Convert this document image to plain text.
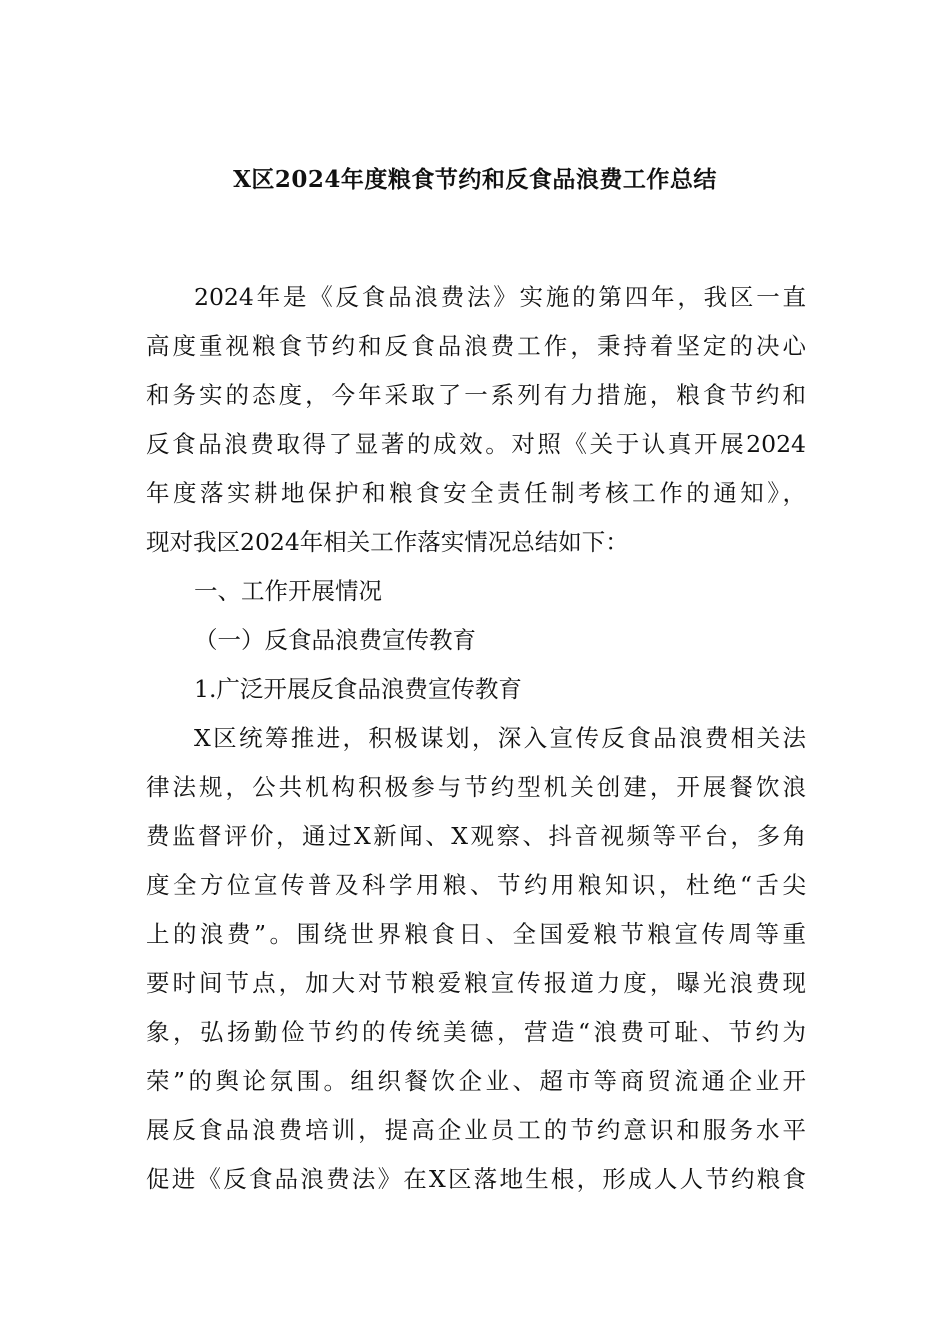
X区2024年度粮食节约和反食品浪费工作总结
2024年是《反食品浪费法》实施的第四年，我区一直
高度重视粮食节约和反食品浪费工作，秉持着坚定的决心
和务实的态度，今年采取了一系列有力措施，粮食节约和
反食品浪费取得了显著的成效。对照《关于认真开展2024
年度落实耕地保护和粮食安全责任制考核工作的通知》，
现对我区2024年相关工作落实情况总结如下：
一、工作开展情况
（一）反食品浪费宣传教育
1.广泛开展反食品浪费宣传教育
X区统筹推进，积极谋划，深入宣传反食品浪费相关法
律法规，公共机构积极参与节约型机关创建，开展餐饮浪
费监督评价，通过X新闻、X观察、抖音视频等平台，多角
度全方位宣传普及科学用粮、节约用粮知识，杜绝“舌尖
上的浪费”。围绕世界粮食日、全国爱粮节粮宣传周等重
要时间节点，加大对节粮爱粮宣传报道力度，曝光浪费现
象，弘扬勤俭节约的传统美德，营造“浪费可耻、节约为
荣”的舆论氛围。组织餐饮企业、超市等商贸流通企业开
展反食品浪费培训，提高企业员工的节约意识和服务水平
促进《反食品浪费法》在X区落地生根，形成人人节约粮食
